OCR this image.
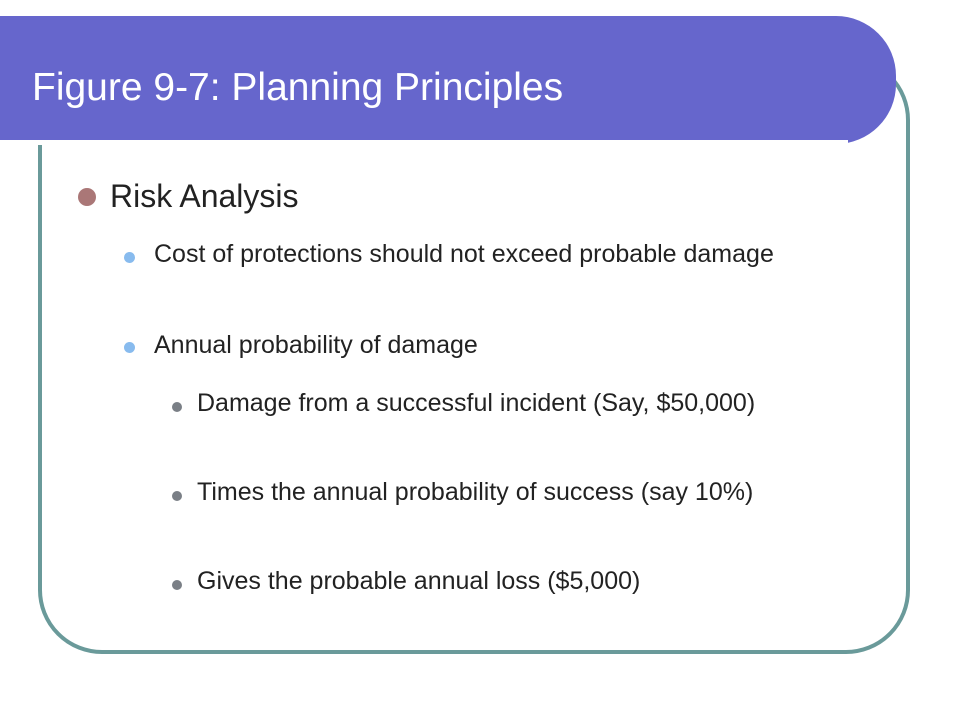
Figure 9-7: Planning Principles

Risk Analysis

Cost of protections should not exceed probable damage

Annual probability of damage

Damage from a successful incident (Say, $50,000)

Times the annual probability of success (say 10%)

Gives the probable annual loss ($5,000)
